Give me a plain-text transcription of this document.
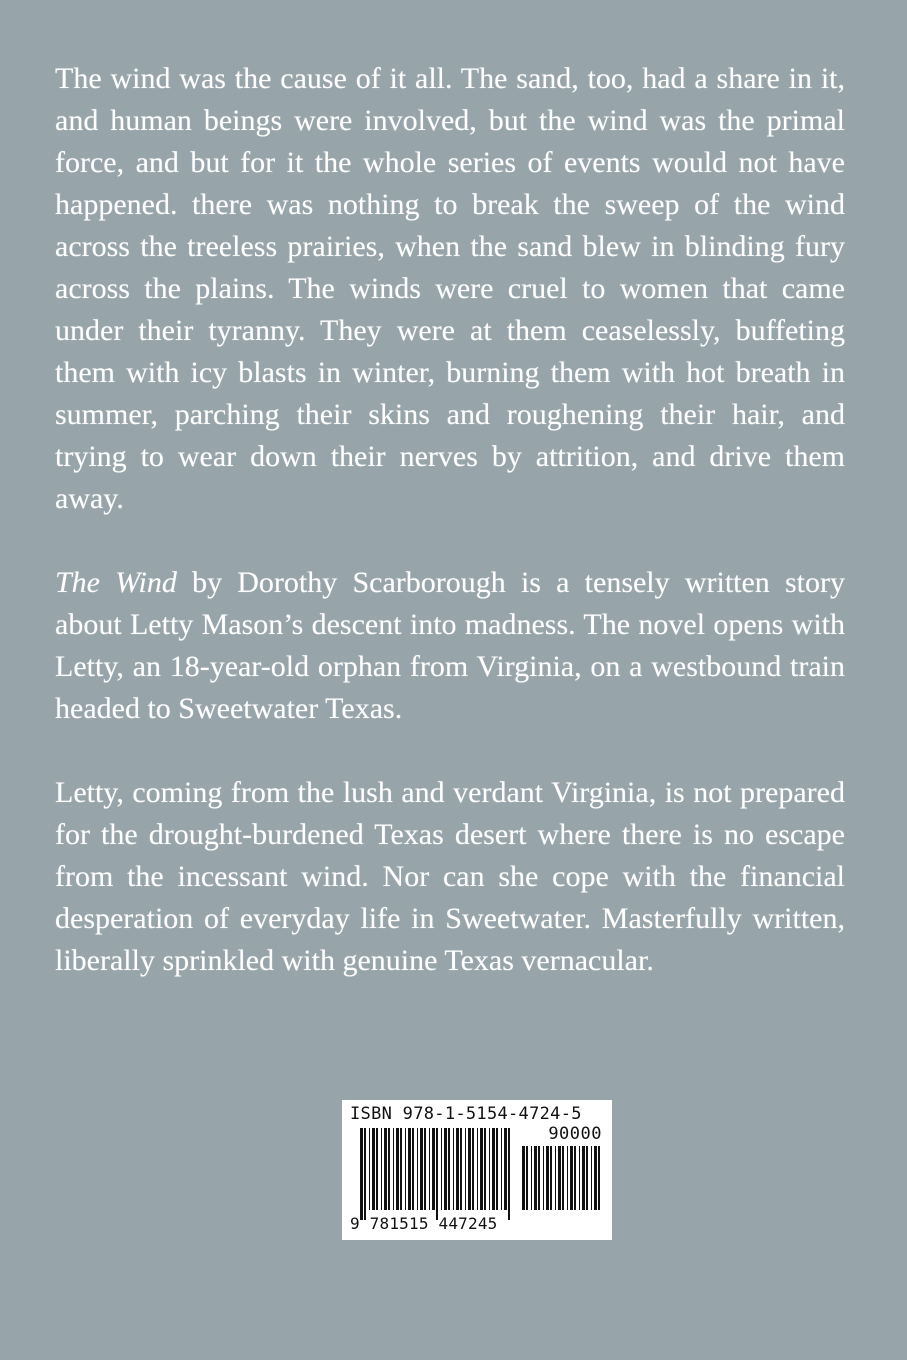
The wind was the cause of it all. The sand, too, had a share in it, and human beings were involved, but the wind was the primal force, and but for it the whole series of events would not have happened. there was nothing to break the sweep of the wind across the treeless prairies, when the sand blew in blinding fury across the plains. The winds were cruel to women that came under their tyranny. They were at them ceaselessly, buffeting them with icy blasts in winter, burning them with hot breath in summer, parching their skins and roughening their hair, and trying to wear down their nerves by attrition, and drive them away.

The Wind by Dorothy Scarborough is a tensely written story about Letty Mason’s descent into madness. The novel opens with Letty, an 18-year-old orphan from Virginia, on a westbound train headed to Sweetwater Texas.

Letty, coming from the lush and verdant Virginia, is not prepared for the drought-burdened Texas desert where there is no escape from the incessant wind. Nor can she cope with the financial desperation of everyday life in Sweetwater. Masterfully written, liberally sprinkled with genuine Texas vernacular.

ISBN 978-1-5154-4724-5
90000
9 781515 447245
